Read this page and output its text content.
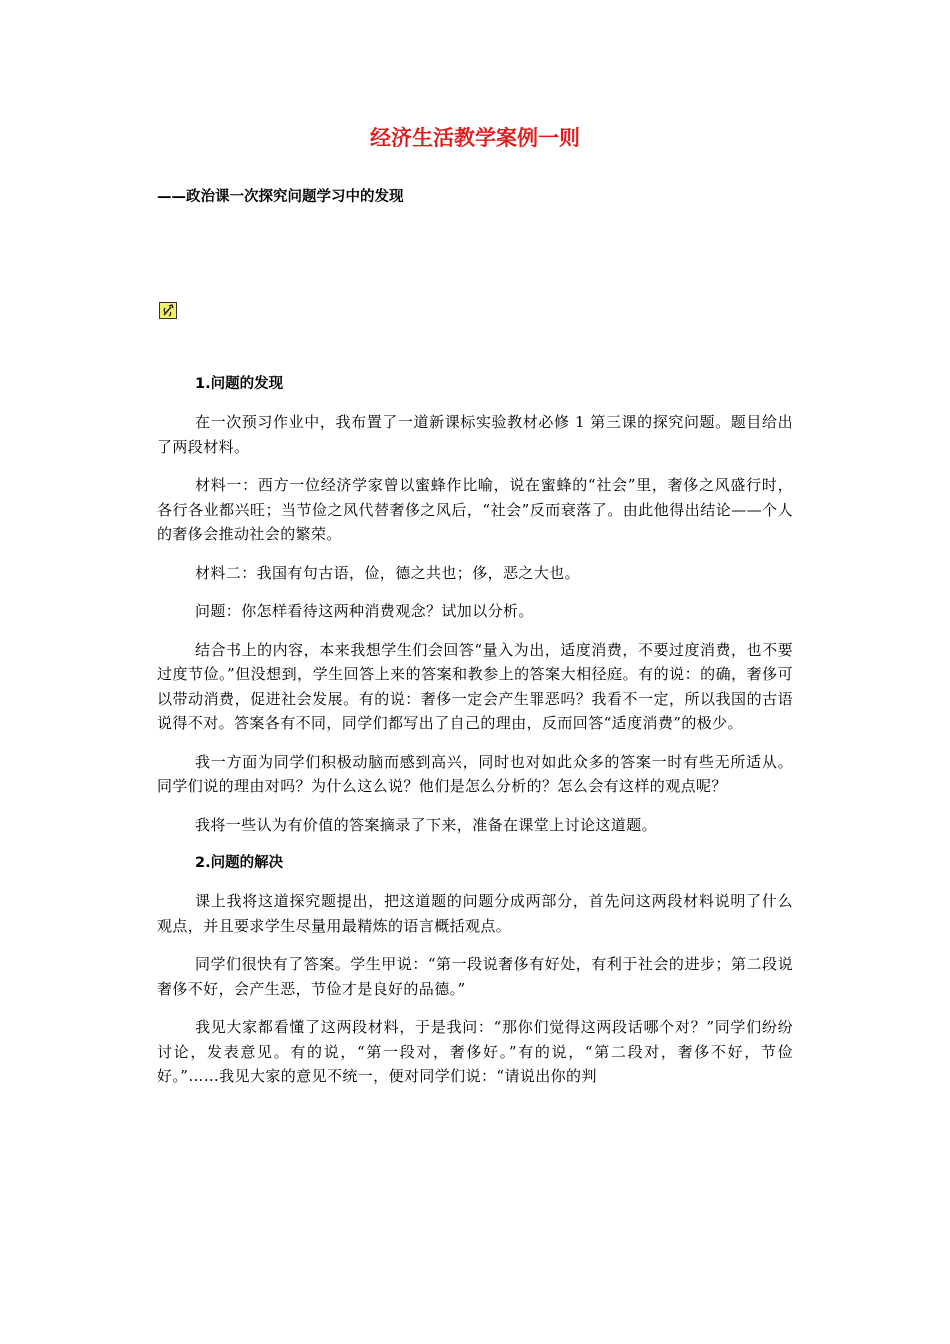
经济生活教学案例一则

——政治课一次探究问题学习中的发现

1.问题的发现

在一次预习作业中，我布置了一道新课标实验教材必修 1 第三课的探究问题。题目给出了两段材料。

材料一：西方一位经济学家曾以蜜蜂作比喻，说在蜜蜂的“社会”里，奢侈之风盛行时，各行各业都兴旺；当节俭之风代替奢侈之风后，“社会”反而衰落了。由此他得出结论——个人的奢侈会推动社会的繁荣。

材料二：我国有句古语，俭，德之共也；侈，恶之大也。

问题：你怎样看待这两种消费观念？试加以分析。

结合书上的内容，本来我想学生们会回答“量入为出，适度消费，不要过度消费，也不要过度节俭。”但没想到，学生回答上来的答案和教参上的答案大相径庭。有的说：的确，奢侈可以带动消费，促进社会发展。有的说：奢侈一定会产生罪恶吗？我看不一定，所以我国的古语说得不对。答案各有不同，同学们都写出了自己的理由，反而回答“适度消费”的极少。

我一方面为同学们积极动脑而感到高兴，同时也对如此众多的答案一时有些无所适从。同学们说的理由对吗？为什么这么说？他们是怎么分析的？怎么会有这样的观点呢？

我将一些认为有价值的答案摘录了下来，准备在课堂上讨论这道题。

2.问题的解决

课上我将这道探究题提出，把这道题的问题分成两部分，首先问这两段材料说明了什么观点，并且要求学生尽量用最精炼的语言概括观点。

同学们很快有了答案。学生甲说：“第一段说奢侈有好处，有利于社会的进步；第二段说奢侈不好，会产生恶，节俭才是良好的品德。”

我见大家都看懂了这两段材料，于是我问：“那你们觉得这两段话哪个对？”同学们纷纷讨论，发表意见。有的说，“第一段对，奢侈好。”有的说，“第二段对，奢侈不好，节俭好。”……我见大家的意见不统一，便对同学们说：“请说出你的判
